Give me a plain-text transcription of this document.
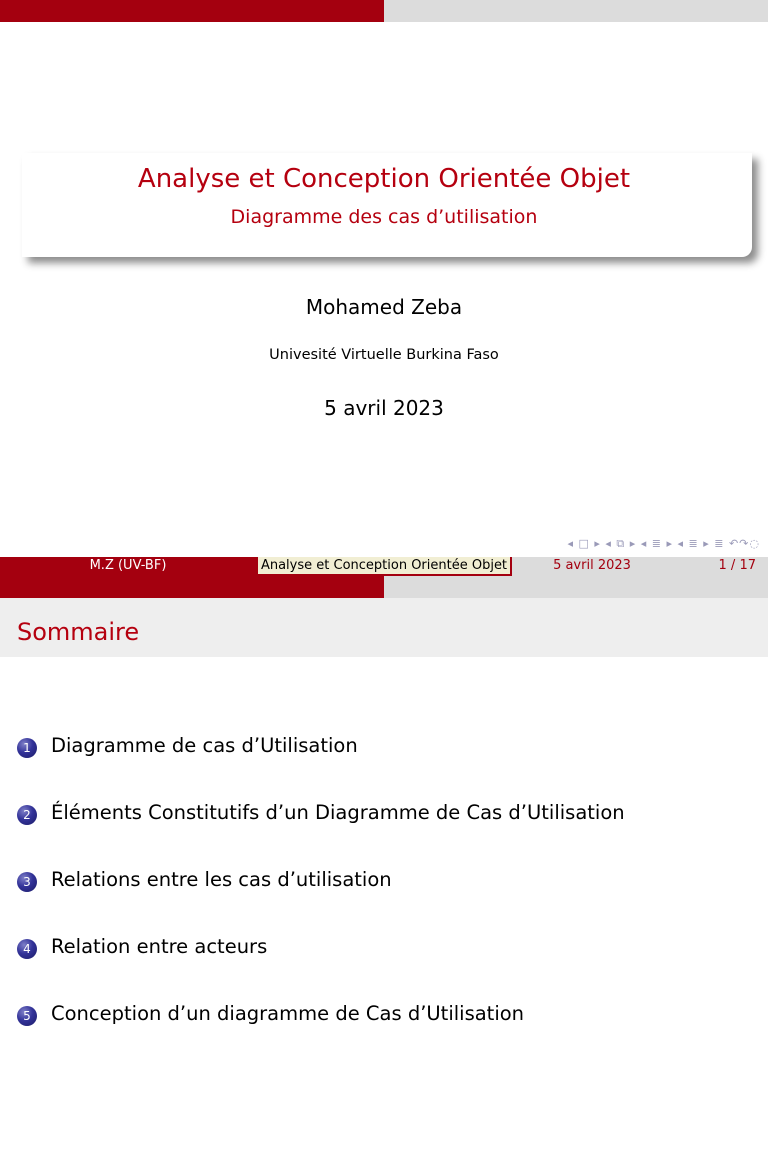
Analyse et Conception Orientée Objet
Diagramme des cas d’utilisation
Mohamed Zeba
Univesité Virtuelle Burkina Faso
5 avril 2023
◂ □ ▸ ◂ ⧉ ▸ ◂ ≣ ▸ ◂ ≣ ▸ ≣ ↶↷◌
M.Z (UV-BF)	Analyse et Conception Orientée Objet	5 avril 2023	1 / 17
Sommaire
1	Diagramme de cas d’Utilisation
2	Éléments Constitutifs d’un Diagramme de Cas d’Utilisation
3	Relations entre les cas d’utilisation
4	Relation entre acteurs
5	Conception d’un diagramme de Cas d’Utilisation
